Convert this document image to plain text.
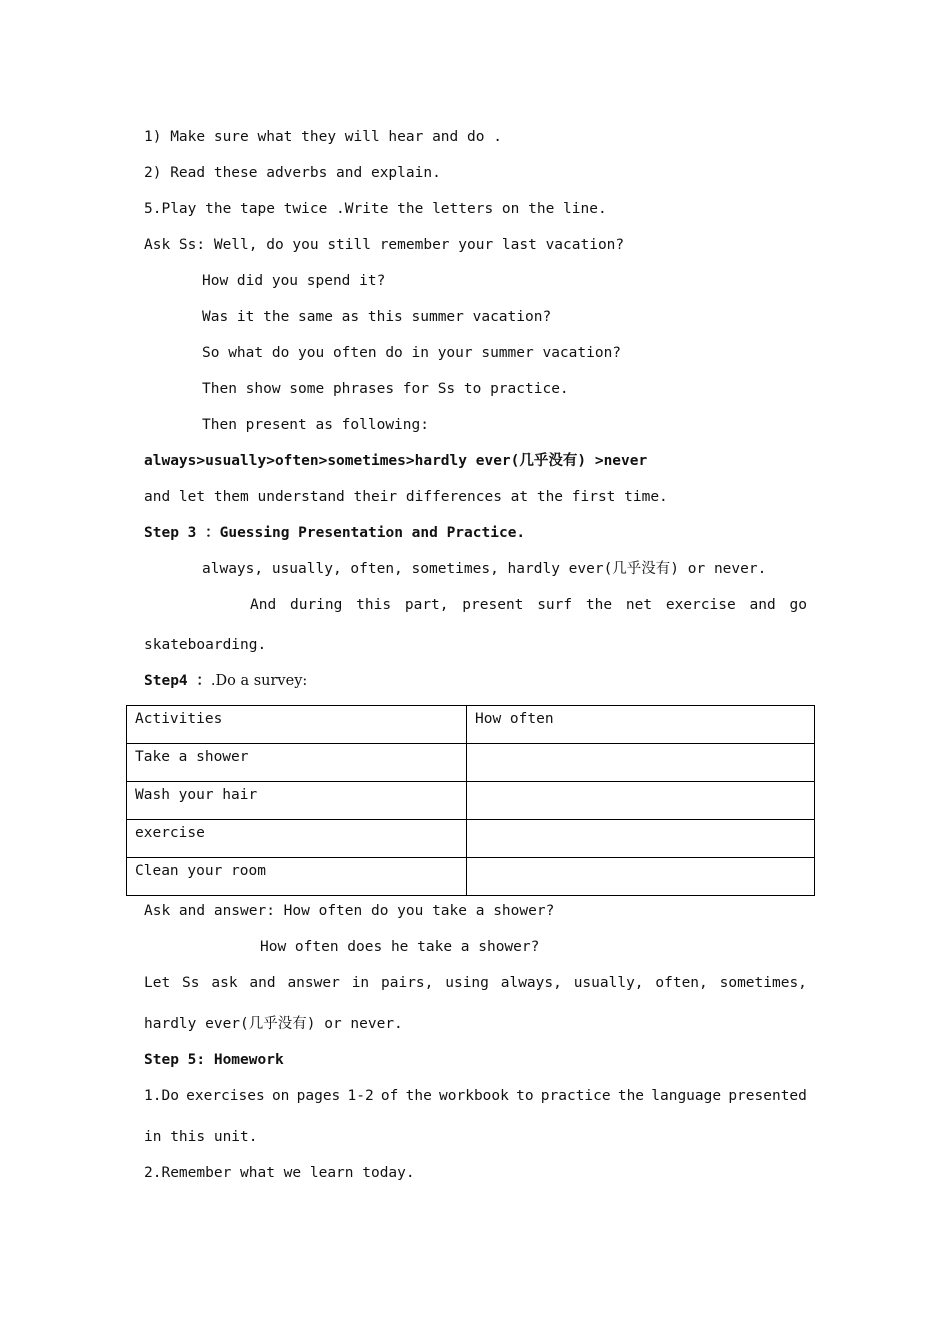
1) Make sure what they will hear and do .
2) Read these adverbs and explain.
5.Play the tape twice .Write the letters on the line.
Ask Ss: Well, do you still remember your last vacation?
How did you spend it?
Was it the same as this summer vacation?
So what do you often do in your summer vacation?
Then show some phrases for Ss to practice.
Then present as following:
always>usually>often>sometimes>hardly ever(几乎没有) >never
and let them understand their differences at the first time.
Step 3 ：Guessing Presentation and Practice.
always, usually, often, sometimes, hardly ever(几乎没有) or never.
And during this part, present surf the net exercise and go
skateboarding.
Step4 ：.Do a survey:
Activities	How often
Take a shower	
Wash your hair	
exercise	
Clean your room	
Ask and answer: How often do you take a shower?
How often does he take a shower?
Let Ss ask and answer in pairs, using always, usually, often, sometimes,
hardly ever(几乎没有) or never.
Step 5: Homework
1.Do exercises on pages 1-2 of the workbook to practice the language presented
in this unit.
2.Remember what we learn today.
